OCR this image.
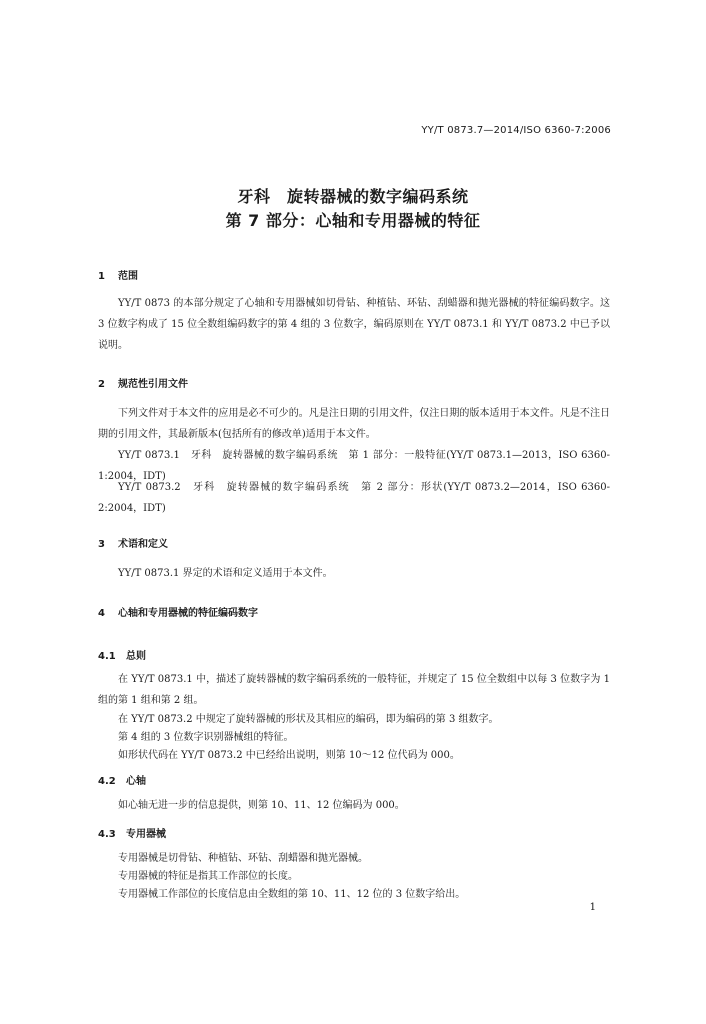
YY/T 0873.7—2014/ISO 6360-7:2006
牙科　旋转器械的数字编码系统
第 7 部分：心轴和专用器械的特征
1 范围
YY/T 0873 的本部分规定了心轴和专用器械如切骨钻、种植钻、环钻、刮蜡器和抛光器械的特征编码数字。这 3 位数字构成了 15 位全数组编码数字的第 4 组的 3 位数字，编码原则在 YY/T 0873.1 和 YY/T 0873.2 中已予以说明。
2 规范性引用文件
下列文件对于本文件的应用是必不可少的。凡是注日期的引用文件，仅注日期的版本适用于本文件。凡是不注日期的引用文件，其最新版本(包括所有的修改单)适用于本文件。
YY/T 0873.1　牙科　旋转器械的数字编码系统　第 1 部分：一般特征(YY/T 0873.1—2013，ISO 6360-1:2004，IDT)
YY/T 0873.2　牙科　旋转器械的数字编码系统　第 2 部分：形状(YY/T 0873.2—2014，ISO 6360-2:2004，IDT)
3 术语和定义
YY/T 0873.1 界定的术语和定义适用于本文件。
4 心轴和专用器械的特征编码数字
4.1 总则
在 YY/T 0873.1 中，描述了旋转器械的数字编码系统的一般特征，并规定了 15 位全数组中以每 3 位数字为 1 组的第 1 组和第 2 组。
在 YY/T 0873.2 中规定了旋转器械的形状及其相应的编码，即为编码的第 3 组数字。
第 4 组的 3 位数字识别器械组的特征。
如形状代码在 YY/T 0873.2 中已经给出说明，则第 10～12 位代码为 000。
4.2 心轴
如心轴无进一步的信息提供，则第 10、11、12 位编码为 000。
4.3 专用器械
专用器械是切骨钻、种植钻、环钻、刮蜡器和抛光器械。
专用器械的特征是指其工作部位的长度。
专用器械工作部位的长度信息由全数组的第 10、11、12 位的 3 位数字给出。
1
